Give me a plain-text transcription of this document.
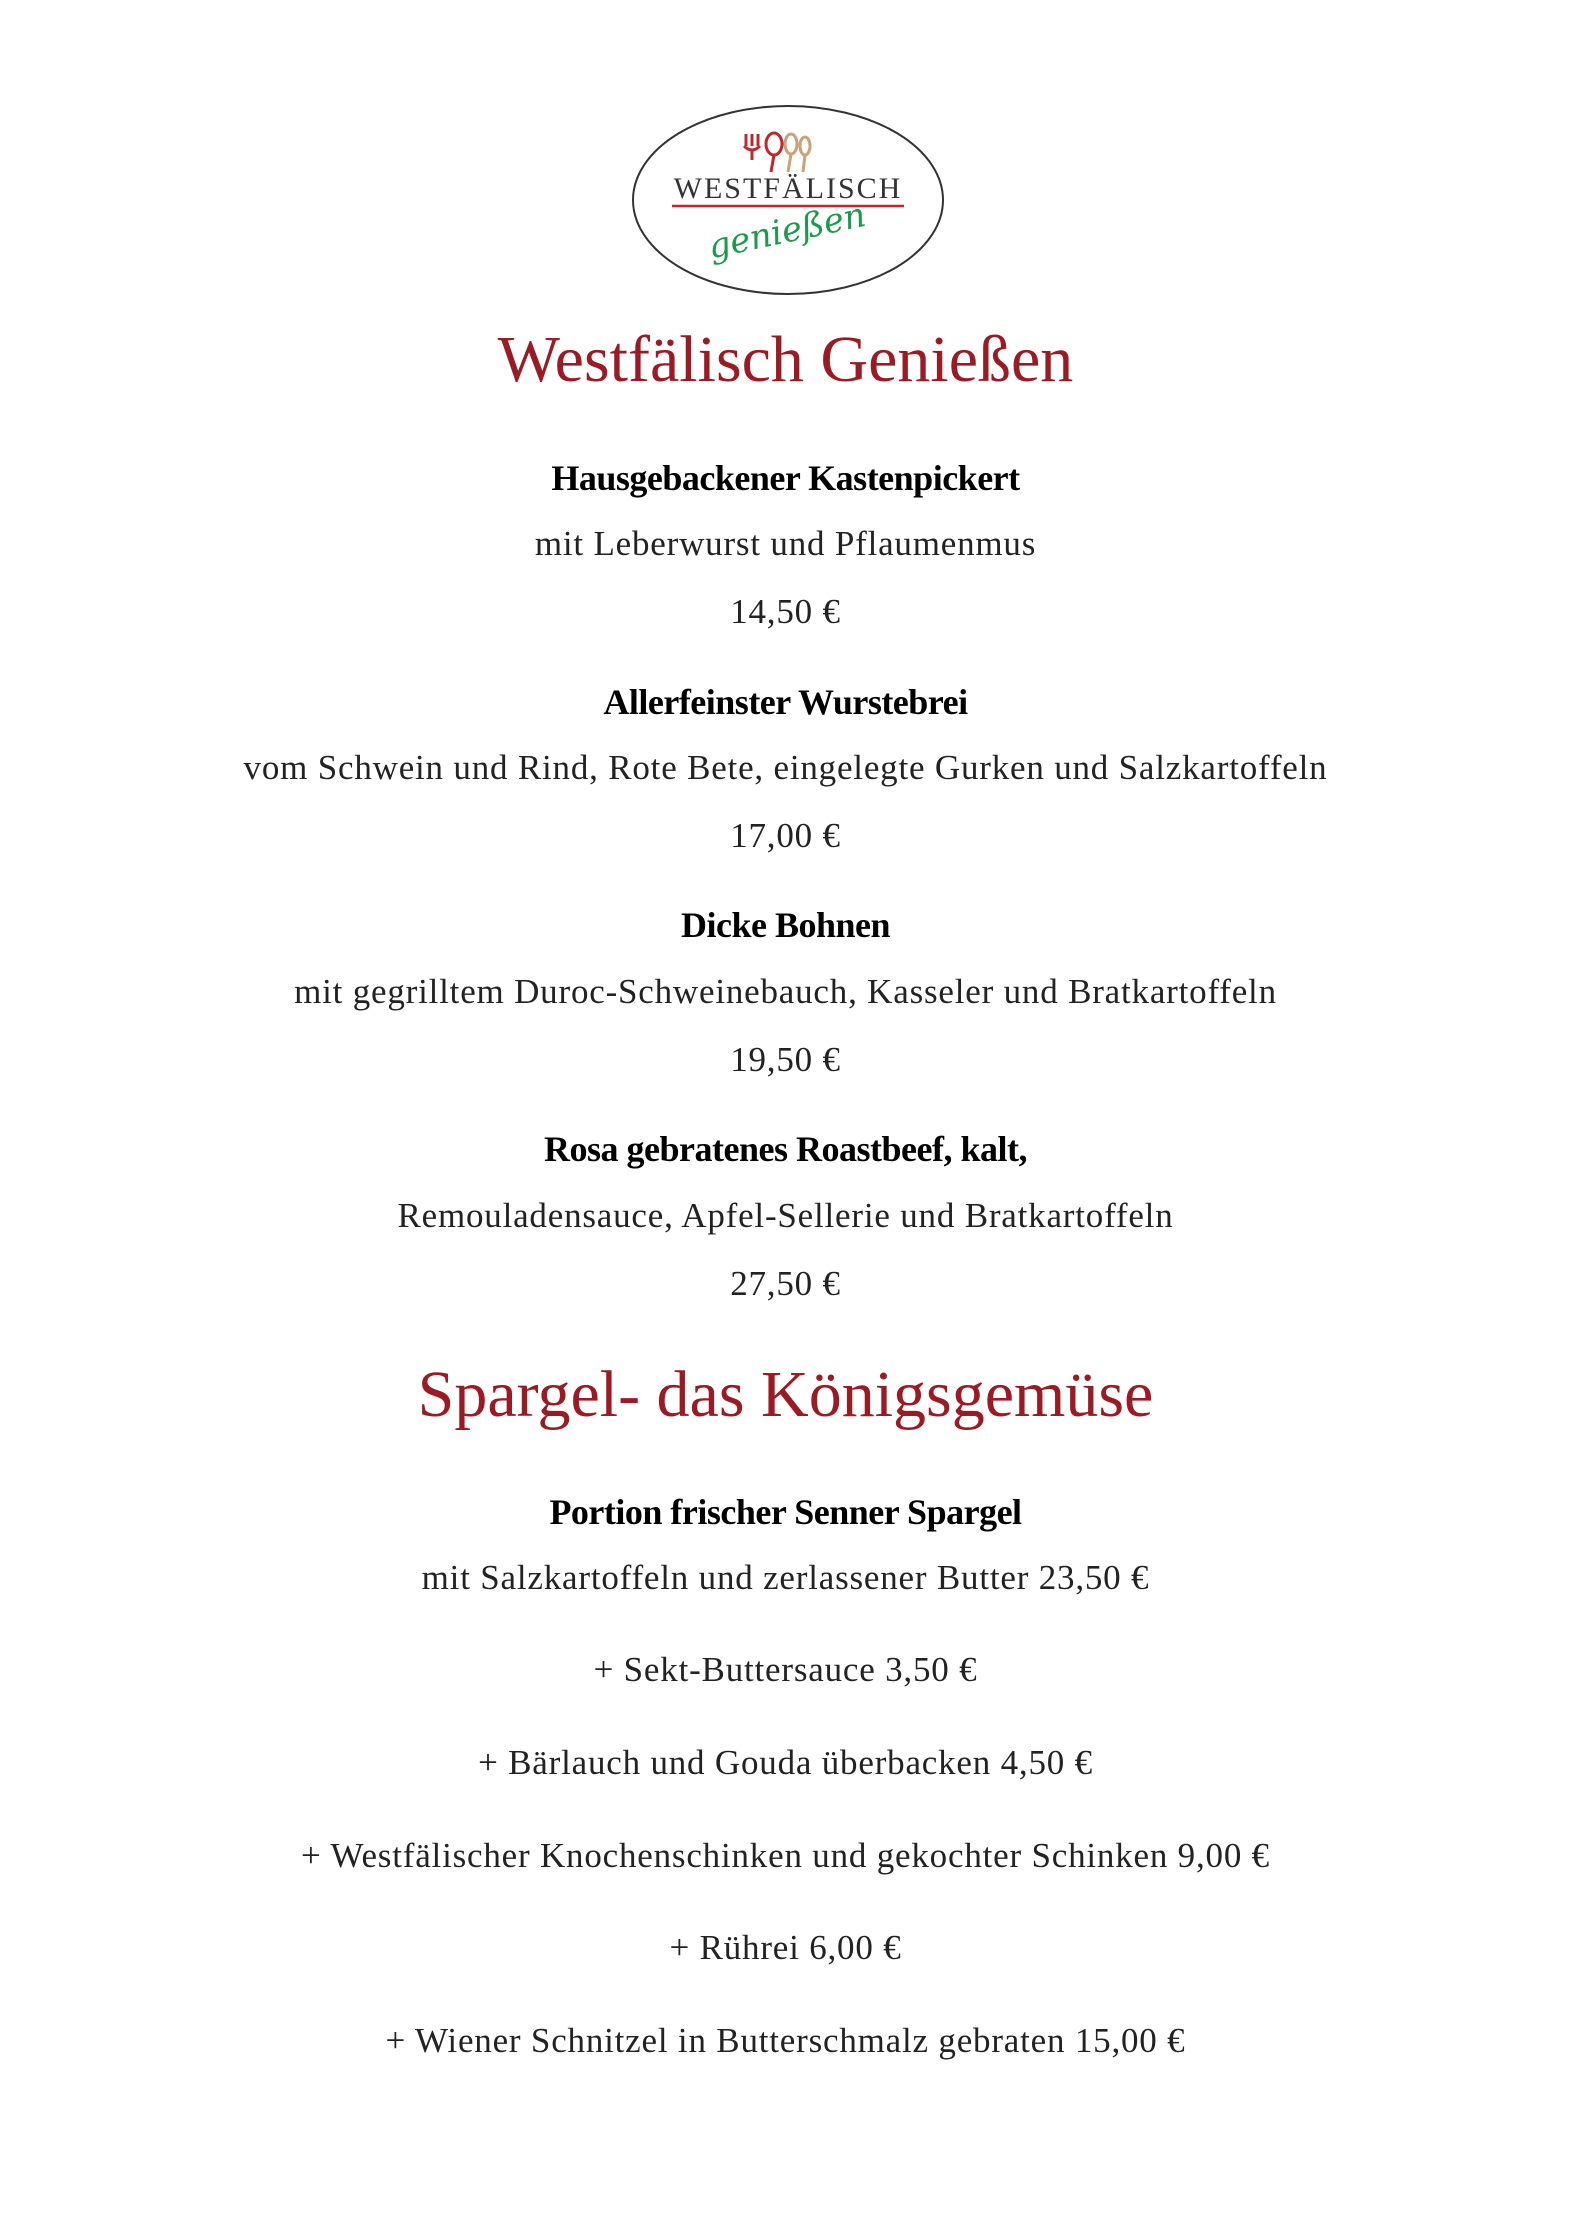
WESTFÄLISCH
genießen
Westfälisch Genießen
Hausgebackener Kastenpickert
mit Leberwurst und Pflaumenmus
14,50 €
Allerfeinster Wurstebrei
vom Schwein und Rind, Rote Bete, eingelegte Gurken und Salzkartoffeln
17,00 €
Dicke Bohnen
mit gegrilltem Duroc-Schweinebauch, Kasseler und Bratkartoffeln
19,50 €
Rosa gebratenes Roastbeef, kalt,
Remouladensauce, Apfel-Sellerie und Bratkartoffeln
27,50 €
Spargel- das Königsgemüse
Portion frischer Senner Spargel
mit Salzkartoffeln und zerlassener Butter 23,50 €
+ Sekt-Buttersauce 3,50 €
+ Bärlauch und Gouda überbacken 4,50 €
+ Westfälischer Knochenschinken und gekochter Schinken 9,00 €
+ Rührei 6,00 €
+ Wiener Schnitzel in Butterschmalz gebraten 15,00 €
